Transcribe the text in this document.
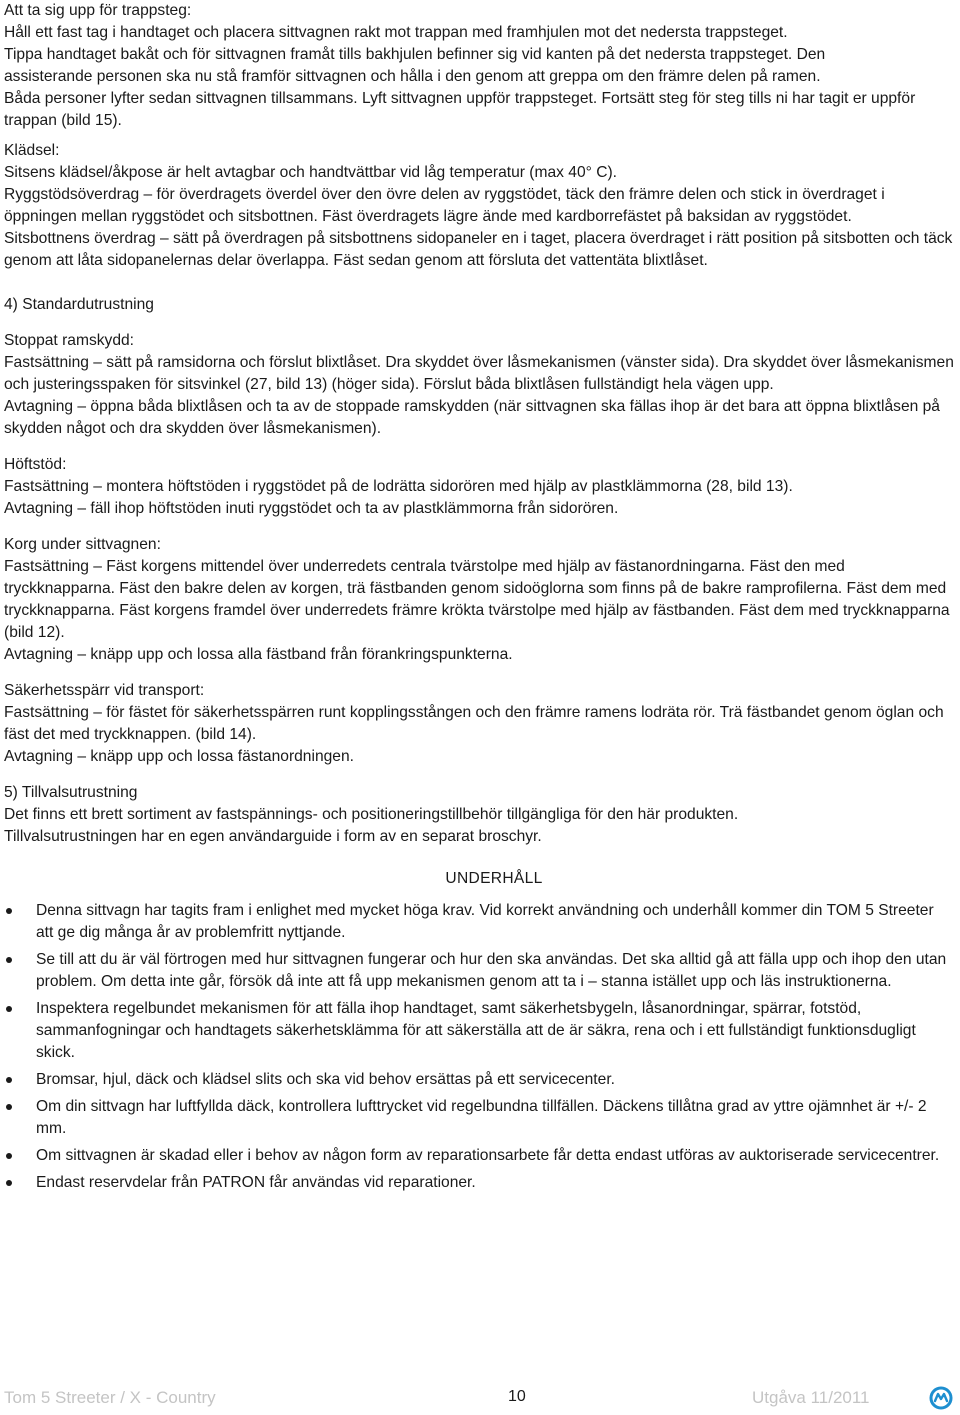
Att ta sig upp för trappsteg:
Håll ett fast tag i handtaget och placera sittvagnen rakt mot trappan med framhjulen mot det nedersta trappsteget.
Tippa handtaget bakåt och för sittvagnen framåt tills bakhjulen befinner sig vid kanten på det nedersta trappsteget. Den
assisterande personen ska nu stå framför sittvagnen och hålla i den genom att greppa om den främre delen på ramen.
Båda personer lyfter sedan sittvagnen tillsammans. Lyft sittvagnen uppför trappsteget. Fortsätt steg för steg tills ni har tagit er uppför trappan (bild 15).
Klädsel:
Sitsens klädsel/åkpose är helt avtagbar och handtvättbar vid låg temperatur (max 40° C).
Ryggstödsöverdrag – för överdragets överdel över den övre delen av ryggstödet, täck den främre delen och stick in överdraget i öppningen mellan ryggstödet och sitsbottnen. Fäst överdragets lägre ände med kardborrefästet på baksidan av ryggstödet.
Sitsbottnens överdrag – sätt på överdragen på sitsbottnens sidopaneler en i taget, placera överdraget i rätt position på sitsbotten och täck genom att låta sidopanelernas delar överlappa. Fäst sedan genom att försluta det vattentäta blixtlåset.
4) Standardutrustning
Stoppat ramskydd:
Fastsättning – sätt på ramsidorna och förslut blixtlåset. Dra skyddet över låsmekanismen (vänster sida). Dra skyddet över låsmekanismen och justeringsspaken för sitsvinkel (27, bild 13) (höger sida). Förslut båda blixtlåsen fullständigt hela vägen upp.
Avtagning – öppna båda blixtlåsen och ta av de stoppade ramskydden (när sittvagnen ska fällas ihop är det bara att öppna blixtlåsen på skydden något och dra skydden över låsmekanismen).
Höftstöd:
Fastsättning – montera höftstöden i ryggstödet på de lodrätta sidorören med hjälp av plastklämmorna (28, bild 13).
Avtagning – fäll ihop höftstöden inuti ryggstödet och ta av plastklämmorna från sidorören.
Korg under sittvagnen:
Fastsättning – Fäst korgens mittendel över underredets centrala tvärstolpe med hjälp av fästanordningarna. Fäst den med tryckknapparna. Fäst den bakre delen av korgen, trä fästbanden genom sidoöglorna som finns på de bakre ramprofilerna. Fäst dem med tryckknapparna. Fäst korgens framdel över underredets främre krökta tvärstolpe med hjälp av fästbanden. Fäst dem med tryckknapparna (bild 12).
Avtagning – knäpp upp och lossa alla fästband från förankringspunkterna.
Säkerhetsspärr vid transport:
Fastsättning – för fästet för säkerhetsspärren runt kopplingsstången och den främre ramens lodräta rör. Trä fästbandet genom öglan och fäst det med tryckknappen. (bild 14).
Avtagning – knäpp upp och lossa fästanordningen.
5) Tillvalsutrustning
Det finns ett brett sortiment av fastspännings- och positioneringstillbehör tillgängliga för den här produkten.
Tillvalsutrustningen har en egen användarguide i form av en separat broschyr.
UNDERHÅLL
Denna sittvagn har tagits fram i enlighet med mycket höga krav. Vid korrekt användning och underhåll kommer din TOM 5 Streeter att ge dig många år av problemfritt nyttjande.
Se till att du är väl förtrogen med hur sittvagnen fungerar och hur den ska användas. Det ska alltid gå att fälla upp och ihop den utan problem. Om detta inte går, försök då inte att få upp mekanismen genom att ta i – stanna istället upp och läs instruktionerna.
Inspektera regelbundet mekanismen för att fälla ihop handtaget, samt säkerhetsbygeln, låsanordningar, spärrar, fotstöd, sammanfogningar och handtagets säkerhetsklämma för att säkerställa att de är säkra, rena och i ett fullständigt funktionsdugligt skick.
Bromsar, hjul, däck och klädsel slits och ska vid behov ersättas på ett servicecenter.
Om din sittvagn har luftfyllda däck, kontrollera lufttrycket vid regelbundna tillfällen. Däckens tillåtna grad av yttre ojämnhet är +/- 2 mm.
Om sittvagnen är skadad eller i behov av någon form av reparationsarbete får detta endast utföras av auktoriserade servicecentrer.
Endast reservdelar från PATRON får användas vid reparationer.
Tom 5 Streeter / X - Country	10	Utgåva 11/2011
